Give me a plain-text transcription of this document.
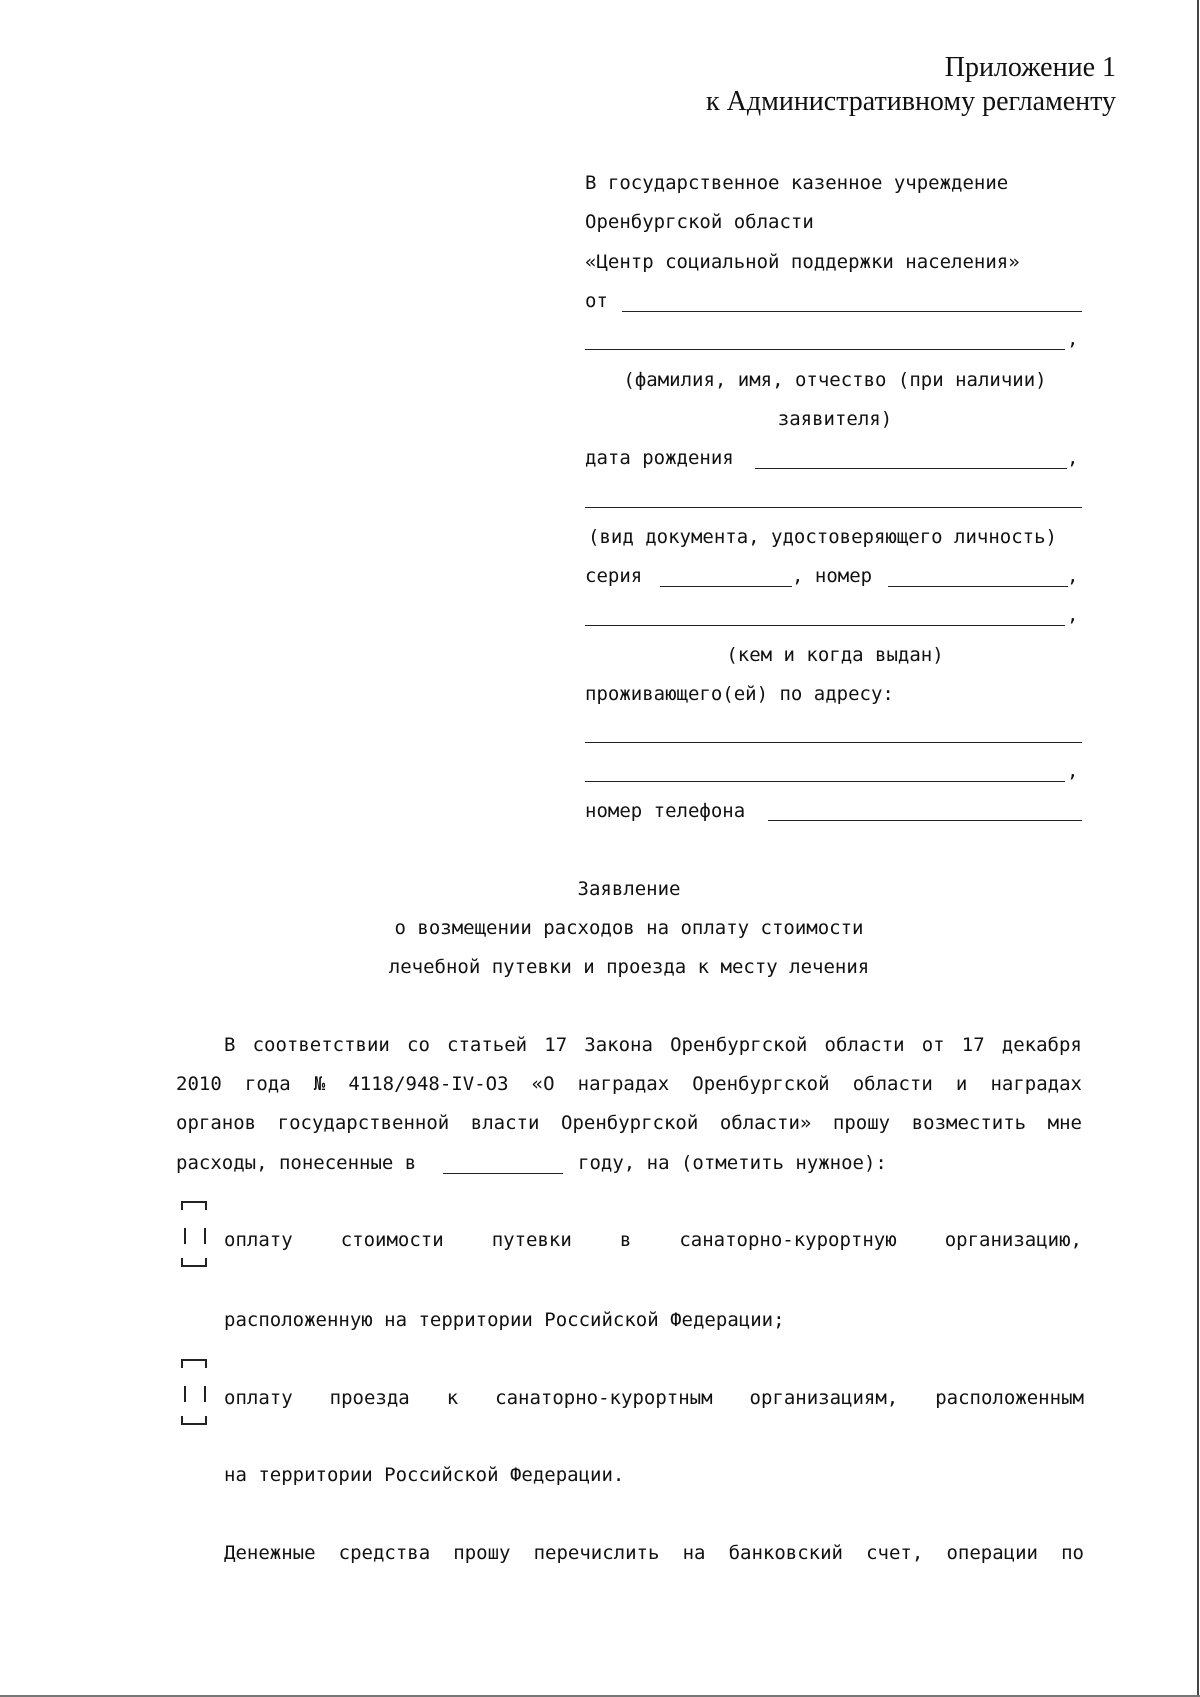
Приложение 1
к Административному регламенту
В государственное казенное учреждение
Оренбургской области
«Центр социальной поддержки населения»
от
,
(фамилия, имя, отчество (при наличии)
заявителя)
дата рождения	,
(вид документа, удостоверяющего личность)
серия	, номер	,
,
(кем и когда выдан)
проживающего(ей) по адресу:
,
номер телефона
Заявление
о возмещении расходов на оплату стоимости
лечебной путевки и проезда к месту лечения
В соответствии со статьей 17 Закона Оренбургской области от 17 декабря
2010 года № 4118/948-IV-ОЗ «О наградах Оренбургской области и наградах
органов государственной власти Оренбургской области» прошу возместить мне
расходы, понесенные в	году, на (отметить нужное):
оплату	стоимости	путевки	в	санаторно-курортную	организацию,
расположенную на территории Российской Федерации;
оплату проезда к санаторно-курортным организациям, расположенным
на территории Российской Федерации.
Денежные средства прошу перечислить на банковский счет, операции по
